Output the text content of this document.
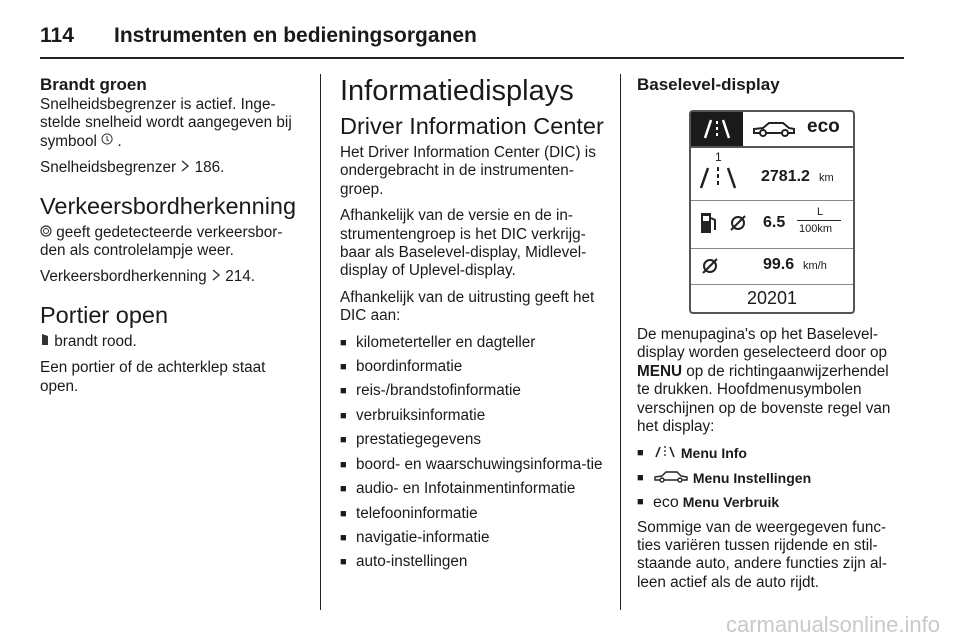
114	Instrumenten en bedieningsorganen
Brandt groen

Snelheidsbegrenzer is actief. Inge-stelde snelheid wordt aangegeven bij symbool .

Snelheidsbegrenzer 186.

Verkeersbordherkenning

geeft gedetecteerde verkeersbor-den als controlelampje weer.

Verkeersbordherkenning 214.

Portier open

brandt rood.

Een portier of de achterklep staat open.

Informatiedisplays
Driver Information Center

Het Driver Information Center (DIC) is ondergebracht in de instrumenten-groep.

Afhankelijk van de versie en de in-strumentengroep is het DIC verkrijg-baar als Baselevel-display, Midlevel-display of Uplevel-display.

Afhankelijk van de uitrusting geeft het DIC aan:

■ kilometerteller en dagteller
■ boordinformatie
■ reis-/brandstofinformatie
■ verbruiksinformatie
■ prestatiegegevens
■ boord- en waarschuwingsinforma-tie
■ audio- en Infotainmentinformatie
■ telefooninformatie
■ navigatie-informatie
■ auto-instellingen
Baselevel-display
eco
1
2781.2 km
6.5
L
100km
99.6 km/h
20201

De menupagina's op het Baselevel-display worden geselecteerd door op MENU op de richtingaanwijzerhendel te drukken. Hoofdmenusymbolen verschijnen op de bovenste regel van het display:

■ Menu Info
■ Menu Instellingen
■ eco Menu Verbruik

Sommige van de weergegeven func-ties variëren tussen rijdende en stil-staande auto, andere functies zijn al-leen actief als de auto rijdt.

carmanualsonline.info
